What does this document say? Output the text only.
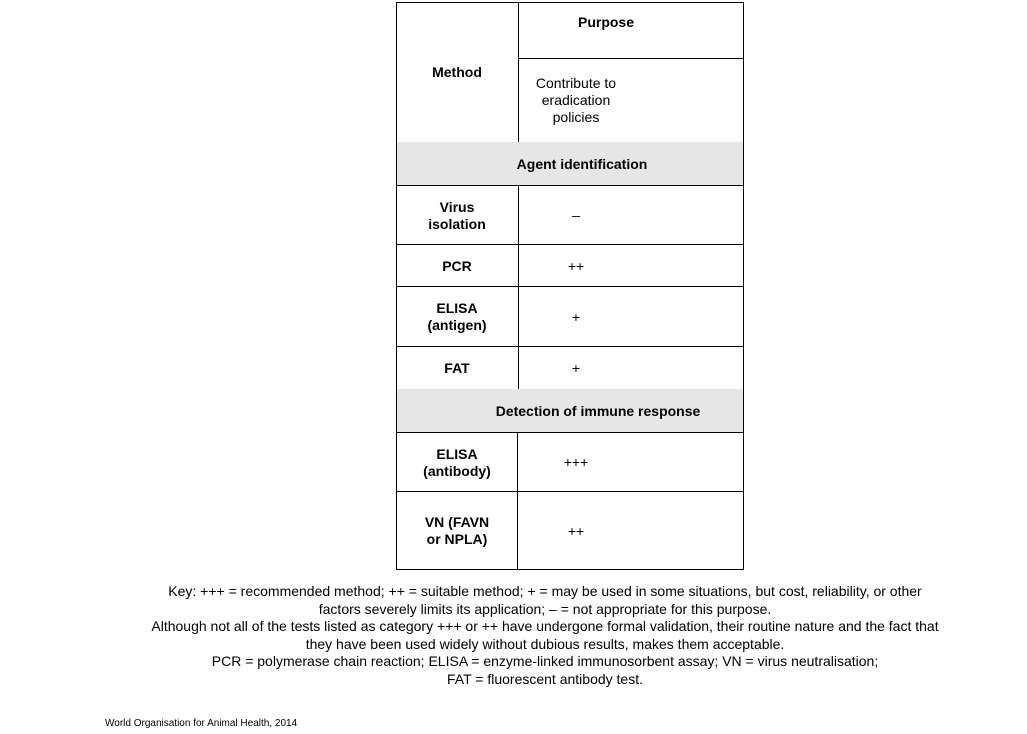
Method
Purpose
Contribute to eradication policies
Agent identification
Virus isolation
–
PCR	++
ELISA (antigen)
+
FAT	+
Detection of immune response
ELISA (antibody)
+++
VN (FAVN or NPLA)
++
Key: +++ = recommended method; ++ = suitable method; + = may be used in some situations, but cost, reliability, or other
factors severely limits its application; – = not appropriate for this purpose.
Although not all of the tests listed as category +++ or ++ have undergone formal validation, their routine nature and the fact that
they have been used widely without dubious results, makes them acceptable.
PCR = polymerase chain reaction; ELISA = enzyme-linked immunosorbent assay; VN = virus neutralisation;
FAT = fluorescent antibody test.
World Organisation for Animal Health, 2014
